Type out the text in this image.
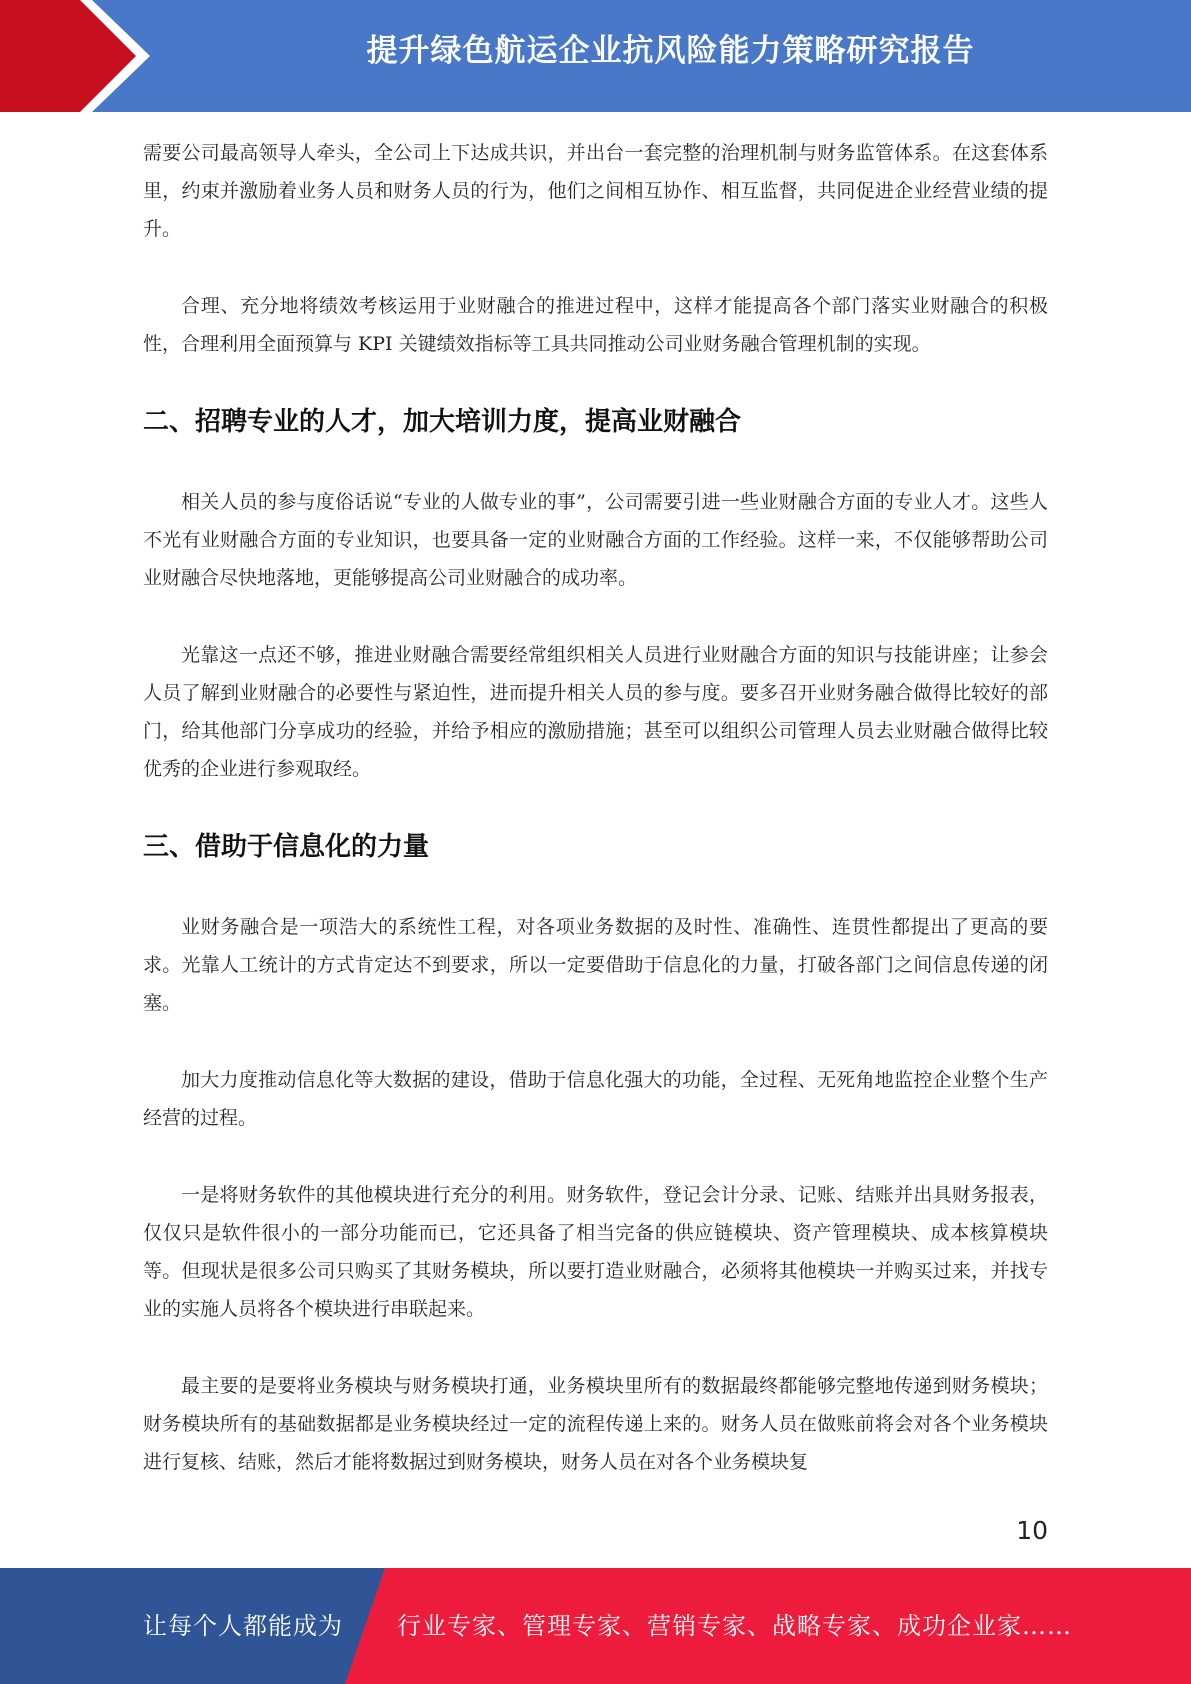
提升绿色航运企业抗风险能力策略研究报告

需要公司最高领导人牵头，全公司上下达成共识，并出台一套完整的治理机制与财务监管体系。在这套体系里，约束并激励着业务人员和财务人员的行为，他们之间相互协作、相互监督，共同促进企业经营业绩的提升。

合理、充分地将绩效考核运用于业财融合的推进过程中，这样才能提高各个部门落实业财融合的积极性，合理利用全面预算与 KPI 关键绩效指标等工具共同推动公司业财务融合管理机制的实现。

二、招聘专业的人才，加大培训力度，提高业财融合

相关人员的参与度俗话说“专业的人做专业的事”，公司需要引进一些业财融合方面的专业人才。这些人不光有业财融合方面的专业知识，也要具备一定的业财融合方面的工作经验。这样一来，不仅能够帮助公司业财融合尽快地落地，更能够提高公司业财融合的成功率。

光靠这一点还不够，推进业财融合需要经常组织相关人员进行业财融合方面的知识与技能讲座；让参会人员了解到业财融合的必要性与紧迫性，进而提升相关人员的参与度。要多召开业财务融合做得比较好的部门，给其他部门分享成功的经验，并给予相应的激励措施；甚至可以组织公司管理人员去业财融合做得比较优秀的企业进行参观取经。

三、借助于信息化的力量

业财务融合是一项浩大的系统性工程，对各项业务数据的及时性、准确性、连贯性都提出了更高的要求。光靠人工统计的方式肯定达不到要求，所以一定要借助于信息化的力量，打破各部门之间信息传递的闭塞。

加大力度推动信息化等大数据的建设，借助于信息化强大的功能，全过程、无死角地监控企业整个生产经营的过程。

一是将财务软件的其他模块进行充分的利用。财务软件，登记会计分录、记账、结账并出具财务报表，仅仅只是软件很小的一部分功能而已，它还具备了相当完备的供应链模块、资产管理模块、成本核算模块等。但现状是很多公司只购买了其财务模块，所以要打造业财融合，必须将其他模块一并购买过来，并找专业的实施人员将各个模块进行串联起来。

最主要的是要将业务模块与财务模块打通，业务模块里所有的数据最终都能够完整地传递到财务模块；财务模块所有的基础数据都是业务模块经过一定的流程传递上来的。财务人员在做账前将会对各个业务模块进行复核、结账，然后才能将数据过到财务模块，财务人员在对各个业务模块复

10
让每个人都能成为 行业专家、管理专家、营销专家、战略专家、成功企业家……
